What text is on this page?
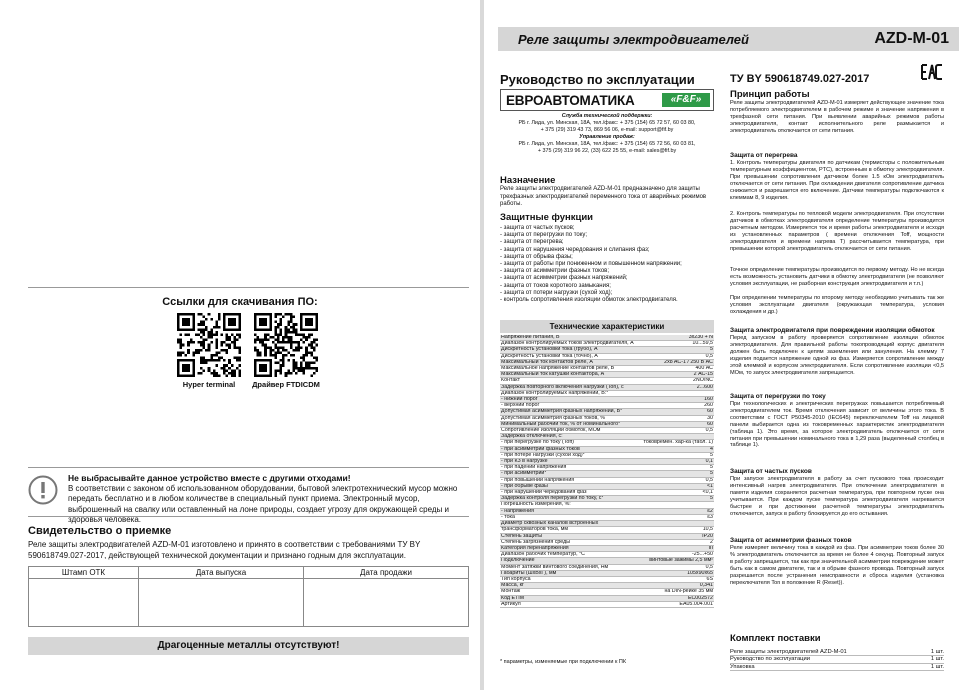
Ссылки для скачивания ПО:
Hyper terminal	Драйвер FTDICDM
Не выбрасывайте данное устройство вместе с другими отходами!
В соответствии с законом об использованном оборудовании, бытовой электротехнический мусор можно передать бесплатно и в любом количестве в специальный пункт приема. Электронный мусор, выброшенный на свалку или оставленный на лоне природы, создает угрозу для окружающей среды и здоровья человека.
Свидетельство о приемке
Реле защиты электродвигателей AZD-M-01 изготовлено и принято в соответствии с требованиями ТУ BY 590618749.027-2017, действующей технической документации и признано годным для эксплуатации.
Штамп ОТК	Дата выпуска	Дата продажи

Драгоценные металлы отсутствуют!
Реле защиты электродвигателей	AZD-M-01
Руководство по эксплуатации	ТУ BY 590618749.027-2017
ЕВРОАВТОМАТИКА	«F&F»
Служба технической поддержки:
РБ г. Лида, ул. Минская, 18А, тел./факс: + 375 (154) 65 72 57, 60 03 80,
+ 375 (29) 319 43 73, 869 56 06, e-mail: support@fif.by
Управление продаж:
РБ г. Лида, ул. Минская, 18А, тел./факс: + 375 (154) 65 72 56, 60 03 81,
+ 375 (29) 319 96 22, (33) 622 25 55, e-mail: sales@fif.by
Назначение
Реле защиты электродвигателей AZD-M-01 предназначено для защиты трехфазных электродвигателей переменного тока от аварийных режимов работы.
Защитные функции
- защита от частых пусков;
- защита от перегрузки по току;
- защита от перегрева;
- защита от нарушения чередования и слипания фаз;
- защита от обрыва фазы;
- защита от работы при пониженном и повышенном напряжении;
- защита от асимметрии фазных токов;
- защита от асимметрии фазных напряжений;
- защита от токов короткого замыкания;
- защита от потери нагрузки (сухой ход);
- контроль сопротивления изоляции обмоток электродвигателя.
Технические характеристики
Напряжение питания, В	3x230 + N
Диапазон контролируемых токов электродвигателя, А	10...59,5
Дискретность установки тока (грубо), А	5
Дискретность установки тока (точно), А	0,5
Максимальный ток контактов реле, А	2x8 AC-1 / 250 В AC
Максимальное напряжение контактов реле, В	400 АС
Максимальный ток катушки контактора, А	2 АС-15
Контакт	2NO/NC
Задержка повторного включения нагрузки (Ton), с	2...600
Диапазон контролируемых напряжений, В:*	
- нижний порог	160
- верхний порог	260
Допустимая асимметрия фазных напряжений, В*	60
Допустимая асимметрия фазных токов, %	30
Минимальный рабочий ток, % от номинального*	60
Сопротивление изоляции обмоток, МОм	0,5
Задержка отключения, с:	
- при перегрузке по току (Toff)	токовремен. хар-ка (табл. 1)
- при асимметрии фазных токов	4
- при потере нагрузки (сухой ход)*	5
- при КЗ в нагрузке	0,1
- при падении напряжения	5
- при асимметрии*	5
- при повышении напряжения	0,5
- при обрыве фазы	<1
- при нарушении чередования фаз	<0,1
Задержка контроля перегрузки по току, с*	5
Погрешность измерения, %:	
- напряжения	≤2
- тока	≤3
Диаметр сквозных каналов встроенных	
трансформаторов тока, мм	10,5
Степень защиты	IP20
Степень загрязнения среды	2
Категория перенапряжения	III
Диапазон рабочих температур, °С	-25...+50
Подключение	винтовые зажимы 2,5 мм²
Момент затяжки винтового соединения, Нм	0,5
Габариты (ШxВxГ), мм	105x90x65
Тип корпуса	6S
Масса, кг	0,341
Монтаж	на DIN-рейке 35 мм
Код ETIM	EC002572
Артикул	EA05.004.001
* параметры, изменяемые при подключении к ПК
Принцип работы
Реле защиты электродвигателей AZD-M-01 измеряет действующее значение тока потребляемого электродвигателем в рабочем режиме и значение напряжения в трехфазной сети питания. При выявлении аварийных режимов работы электродвигателя, контакт исполнительного реле размыкается и электродвигатель отключается от сети питания.
Защита от перегрева
1. Контроль температуры двигателя по датчикам (термисторы с положительным температурным коэффициентом, PTC), встроенным в обмотку электродвигателя. При превышении сопротивления датчиком более 1.5 кОм электродвигатель отключается от сети питания. При охлаждении двигателя сопротивление датчика снижается и разрешается его включение. Датчики температуры подключаются к клеммам 8, 9 изделия.
2. Контроль температуры по тепловой модели электродвигателя. При отсутствии датчиков в обмотках электродвигателя определение температуры производится расчетным методом. Измеряется ток и время работы электродвигателя и исходя из установленных параметров ( времени отключения Toff, мощности электродвигателя и времени нагрева Т) рассчитывается температура, при превышении которой электродвигатель отключается от сети питания.
Точное определение температуры производится по первому методу. Но не всегда есть возможность установить датчики в обмотку электродвигателя (не позволяют условия эксплуатации, не разборная конструкция электродвигателя и т.п.)
При определении температуры по второму методу необходимо учитывать так же условия эксплуатации двигателя (окружающая температура, условия охлаждения и др.)
Защита электродвигателя при повреждении изоляции обмоток
Перед запуском в работу проверяется сопротивление изоляции обмоток электродвигателя. Для правильной работы токопроводящий корпус двигателя должен быть подключен к цепям заземления или зануления. На клемму 7 изделия подается напряжение одной из фаз. Измеряется сопротивление между этой клеммой и корпусом электродвигателя. Если сопротивление изоляции <0,5 МОм, то запуск электродвигателя запрещается.
Защита от перегрузки по току
При технологических и электрических перегрузках повышается потребляемый электродвигателем ток. Время отключения зависит от величины этого тока. В соответствии с ГОСТ Р50345-2010 (IEC645) переключателем Toff на лицевой панели выбирается одна из токовременных характеристик электродвигателя (таблица 1). Это время, за которое электродвигатель отключается от сети питания при превышении номинального тока в 1,29 раза (выделенный столбец в таблице 1).
Защита от частых пусков
При запуске электродвигателя в работу за счет пускового тока происходит интенсивный нагрев электродвигателя. При отключении электродвигателя в памяти изделия сохраняется расчетная температура, при повторном пуске она учитывается. При каждом пуске температура электродвигателя нагревается быстрее и при достижении расчетной температуры электродвигатель отключается, запуск в работу блокируется до его остывания.
Защита от асимметрии фазных токов
Реле измеряет величину тока в каждой из фаз. При асимметрии токов более 30 % электродвигатель отключается за время не более 4 секунд. Повторный запуск в работу запрещается, так как при значительной асимметрии повреждение может быть как в самом двигателе, так и в обрыве фазного провода. Повторный запуск разрешается после устранения неисправности и сброса изделия (установка переключателя Ton в положение R (Reset)).
Комплект поставки
Реле защиты электродвигателей AZD-M-01	1 шт.
Руководство по эксплуатации	1 шт.
Упаковка	1 шт.
